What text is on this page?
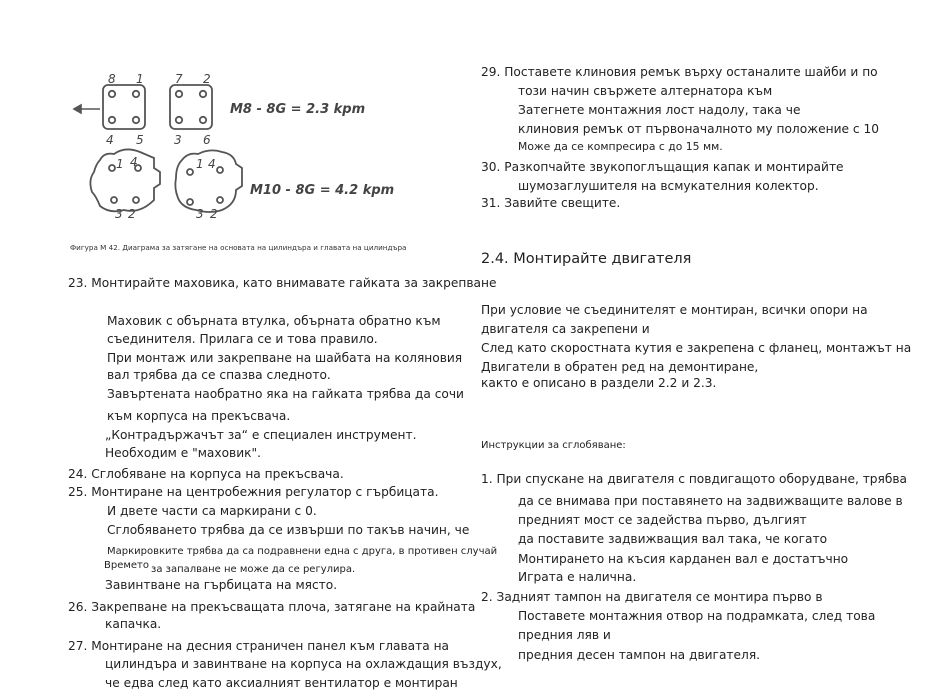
8 1
4 5
7 2
3 6
M8 - 8G = 2.3 kpm
1 4
3 2
1 4
3 2
M10 - 8G = 4.2 kpm
Фигура М 42. Диаграма за затягане на основата на цилиндъра и главата на цилиндъра
23. Монтирайте маховика, като внимавате гайката за закрепване
Маховик с обърната втулка, обърната обратно към
съединителя. Прилага се и това правило.
При монтаж или закрепване на шайбата на коляновия
вал трябва да се спазва следното.
Завъртената наобратно яка на гайката трябва да сочи
към корпуса на прекъсвача.
„Контрадържачът за“ е специален инструмент.
Необходим е "маховик".
24. Сглобяване на корпуса на прекъсвача.
25. Монтиране на центробежния регулатор с гърбицата.
И двете части са маркирани с 0.
Сглобяването трябва да се извърши по такъв начин, че
Маркировките трябва да са подравнени една с друга, в противен случай
Времето за запалване не може да се регулира.
Завинтване на гърбицата на място.
26. Закрепване на прекъсващата плоча, затягане на крайната
капачка.
27. Монтиране на десния страничен панел към главата на
цилиндъра и завинтване на корпуса на охлаждащия въздух,
че едва след като аксиалният вентилатор е монтиран
29. Поставете клиновия ремък върху останалите шайби и по
този начин свържете алтернатора към
Затегнете монтажния лост надолу, така че
клиновия ремък от първоначалното му положение с 10
Може да се компресира с до 15 мм.
30. Разкопчайте звукопоглъщащия капак и монтирайте
шумозаглушителя на всмукателния колектор.
31. Завийте свещите.
2.4. Монтирайте двигателя
При условие че съединителят е монтиран, всички опори на
двигателя са закрепени и
След като скоростната кутия е закрепена с фланец, монтажът на
Двигатели в обратен ред на демонтиране,
както е описано в раздели 2.2 и 2.3.
Инструкции за сглобяване:
1. При спускане на двигателя с повдигащото оборудване, трябва
да се внимава при поставянето на задвижващите валове в
предният мост се задейства първо, дългият
да поставите задвижващия вал така, че когато
Монтирането на късия карданен вал е достатъчно
Играта е налична.
2. Задният тампон на двигателя се монтира първо в
Поставете монтажния отвор на подрамката, след това
предния ляв и
предния десен тампон на двигателя.
